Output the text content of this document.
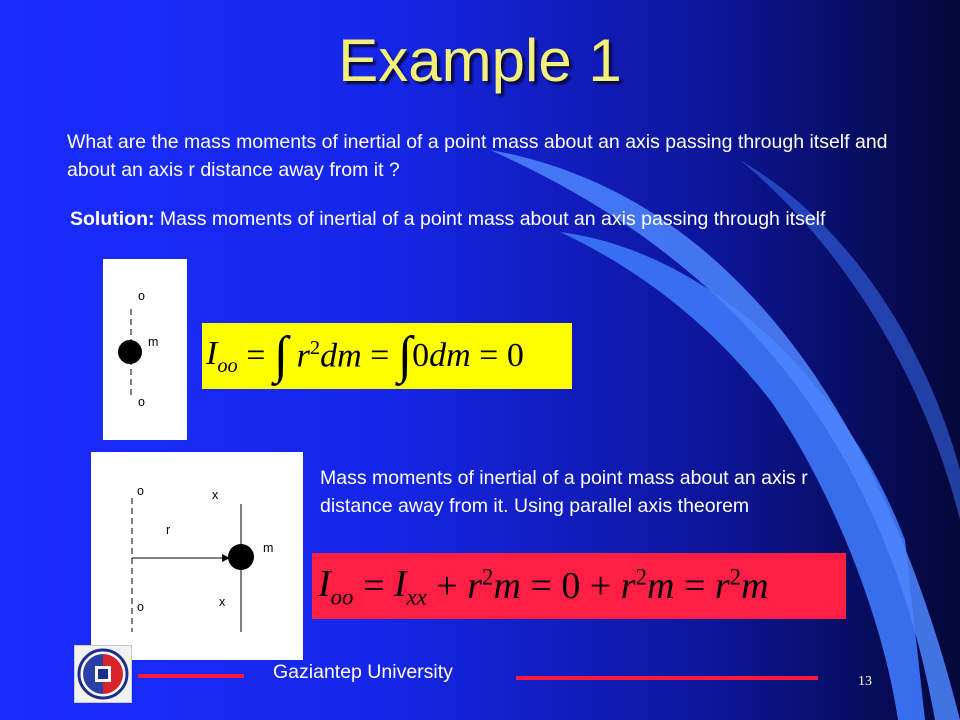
Example 1
What are the mass moments of inertial of a point mass about an axis passing through itself and about an axis r distance away from it ?
Solution: Mass moments of inertial of a point mass about an axis passing through itself
o
m
o
$I_{oo}$ = ∫ $r^2dm$ = ∫ 0dm = 0
o	x
r
m
x
o
Mass moments of inertial of a point mass about an axis r distance away from it. Using parallel axis theorem
$I_{oo} = I_{xx} + r^2m = 0 + r^2m = r^2m$
Gaziantep University	13
